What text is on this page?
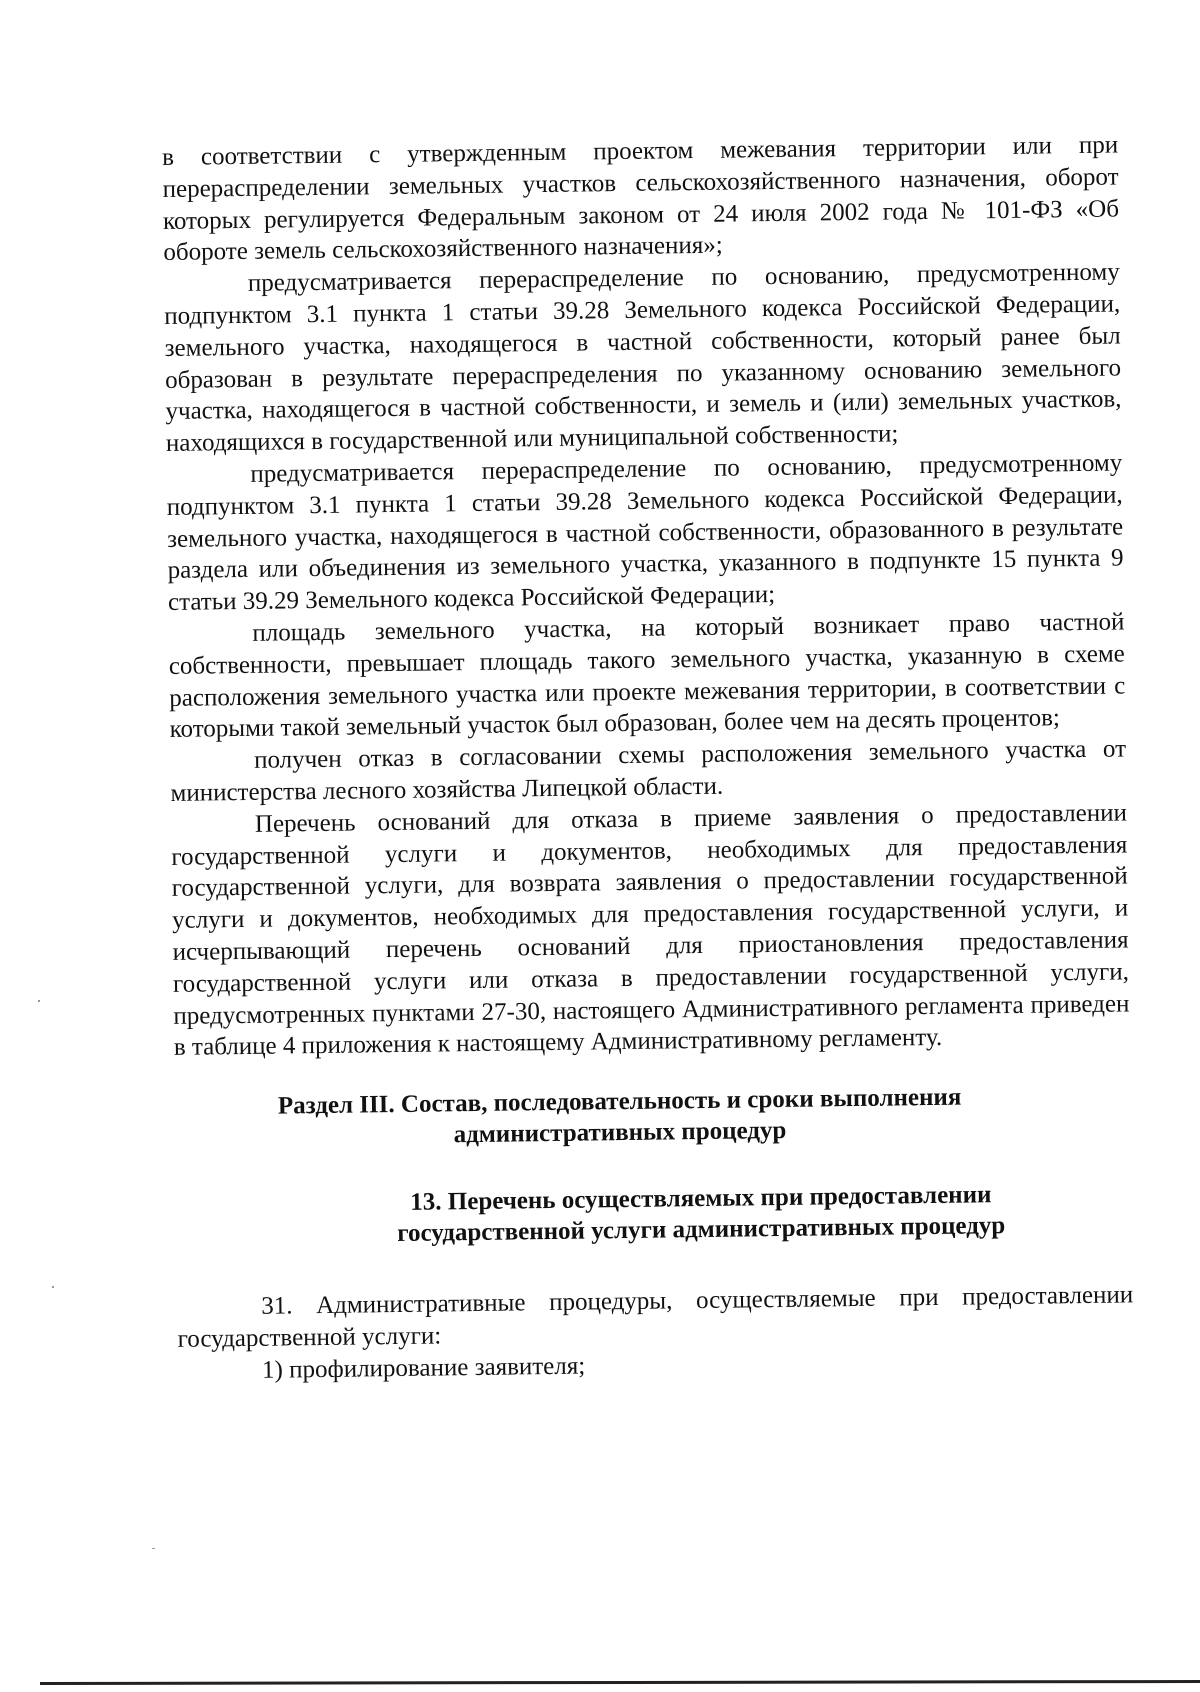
в соответствии с утвержденным проектом межевания территории или при перераспределении земельных участков сельскохозяйственного назначения, оборот которых регулируется Федеральным законом от 24 июля 2002 года № 101-ФЗ «Об обороте земель сельскохозяйственного назначения»;

предусматривается перераспределение по основанию, предусмотренному подпунктом 3.1 пункта 1 статьи 39.28 Земельного кодекса Российской Федерации, земельного участка, находящегося в частной собственности, который ранее был образован в результате перераспределения по указанному основанию земельного участка, находящегося в частной собственности, и земель и (или) земельных участков, находящихся в государственной или муниципальной собственности;

предусматривается перераспределение по основанию, предусмотренному подпунктом 3.1 пункта 1 статьи 39.28 Земельного кодекса Российской Федерации, земельного участка, находящегося в частной собственности, образованного в результате раздела или объединения из земельного участка, указанного в подпункте 15 пункта 9 статьи 39.29 Земельного кодекса Российской Федерации;

площадь земельного участка, на который возникает право частной собственности, превышает площадь такого земельного участка, указанную в схеме расположения земельного участка или проекте межевания территории, в соответствии с которыми такой земельный участок был образован, более чем на десять процентов;

получен отказ в согласовании схемы расположения земельного участка от министерства лесного хозяйства Липецкой области.

Перечень оснований для отказа в приеме заявления о предоставлении государственной услуги и документов, необходимых для предоставления государственной услуги, для возврата заявления о предоставлении государственной услуги и документов, необходимых для предоставления государственной услуги, и исчерпывающий перечень оснований для приостановления предоставления государственной услуги или отказа в предоставлении государственной услуги, предусмотренных пунктами 27-30, настоящего Административного регламента приведен в таблице 4 приложения к настоящему Административному регламенту.

Раздел III. Состав, последовательность и сроки выполнения
административных процедур
13. Перечень осуществляемых при предоставлении
государственной услуги административных процедур

31. Административные процедуры, осуществляемые при предоставлении государственной услуги:

1) профилирование заявителя;
